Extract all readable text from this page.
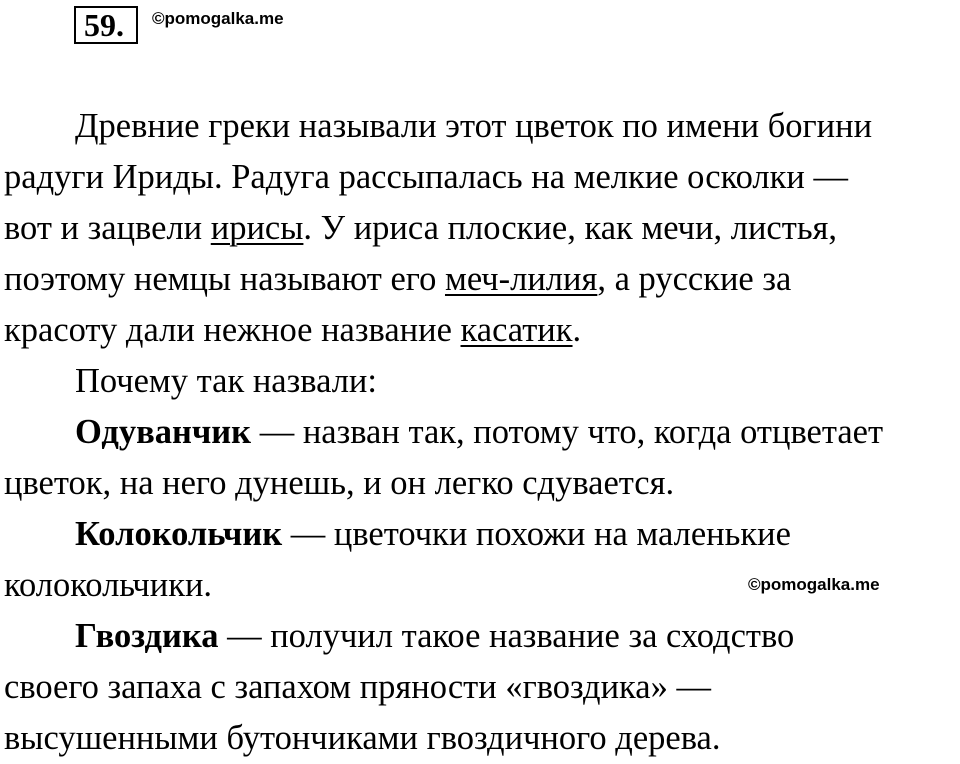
59.	©pomogalka.me
©pomogalka.me
Древние греки называли этот цветок по имени богини
радуги Ириды. Радуга рассыпалась на мелкие осколки —
вот и зацвели ирисы. У ириса плоские, как мечи, листья,
поэтому немцы называют его меч-лилия, а русские за
красоту дали нежное название касатик.
Почему так назвали:
Одуванчик — назван так, потому что, когда отцветает
цветок, на него дунешь, и он легко сдувается.
Колокольчик — цветочки похожи на маленькие
колокольчики.
Гвоздика — получил такое название за сходство
своего запаха с запахом пряности «гвоздика» —
высушенными бутончиками гвоздичного дерева.
